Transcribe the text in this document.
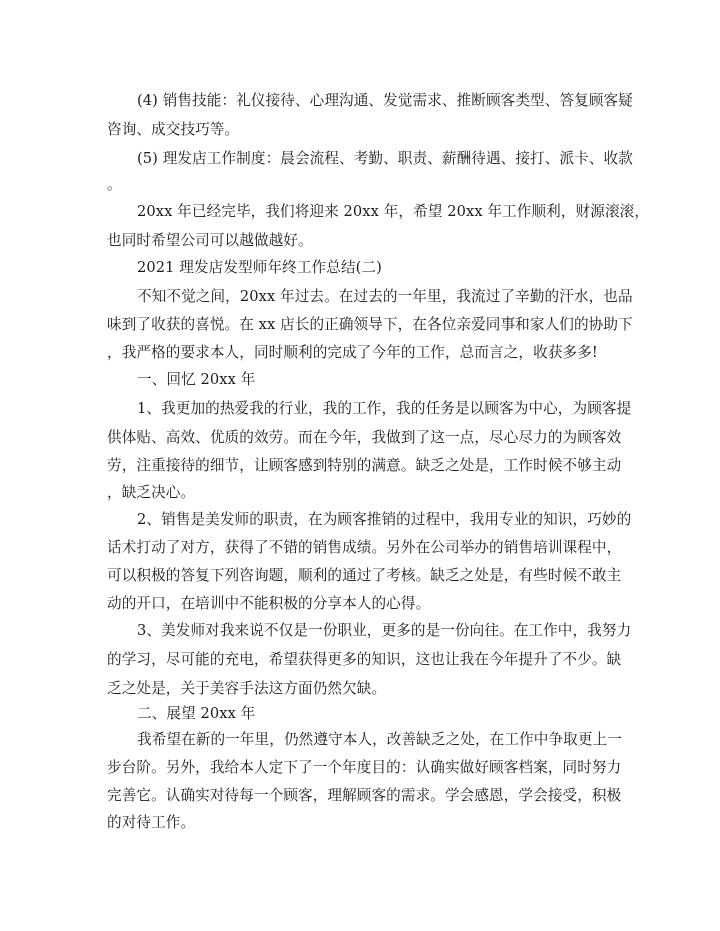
(4) 销售技能：礼仪接待、心理沟通、发觉需求、推断顾客类型、答复顾客疑
咨询、成交技巧等。
(5) 理发店工作制度：晨会流程、考勤、职责、薪酬待遇、接打、派卡、收款
。
20xx 年已经完毕，我们将迎来 20xx 年，希望 20xx 年工作顺利，财源滚滚，
也同时希望公司可以越做越好。
2021 理发店发型师年终工作总结(二)
不知不觉之间，20xx 年过去。在过去的一年里，我流过了辛勤的汗水，也品
味到了收获的喜悦。在 xx 店长的正确领导下，在各位亲爱同事和家人们的协助下
，我严格的要求本人，同时顺利的完成了今年的工作，总而言之，收获多多!
一、回忆 20xx 年
1、我更加的热爱我的行业，我的工作，我的任务是以顾客为中心，为顾客提
供体贴、高效、优质的效劳。而在今年，我做到了这一点，尽心尽力的为顾客效
劳，注重接待的细节，让顾客感到特别的满意。缺乏之处是，工作时候不够主动
，缺乏决心。
2、销售是美发师的职责，在为顾客推销的过程中，我用专业的知识，巧妙的
话术打动了对方，获得了不错的销售成绩。另外在公司举办的销售培训课程中，
可以积极的答复下列咨询题，顺利的通过了考核。缺乏之处是，有些时候不敢主
动的开口，在培训中不能积极的分享本人的心得。
3、美发师对我来说不仅是一份职业，更多的是一份向往。在工作中，我努力
的学习，尽可能的充电，希望获得更多的知识，这也让我在今年提升了不少。缺
乏之处是，关于美容手法这方面仍然欠缺。
二、展望 20xx 年
我希望在新的一年里，仍然遵守本人，改善缺乏之处，在工作中争取更上一
步台阶。另外，我给本人定下了一个年度目的：认确实做好顾客档案，同时努力
完善它。认确实对待每一个顾客，理解顾客的需求。学会感恩，学会接受，积极
的对待工作。
